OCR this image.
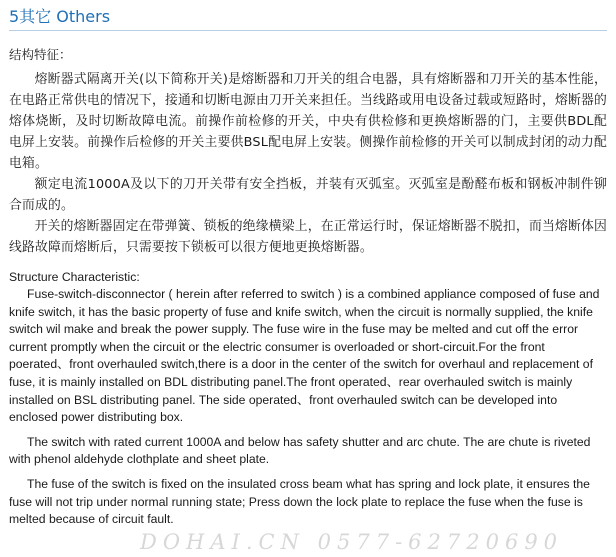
5其它 Others

结构特征：

熔断器式隔离开关(以下简称开关)是熔断器和刀开关的组合电器，具有熔断器和刀开关的基本性能，在电路正常供电的情况下，接通和切断电源由刀开关来担任。当线路或用电设备过载或短路时，熔断器的熔体烧断，及时切断故障电流。前操作前检修的开关，中央有供检修和更换熔断器的门，主要供BDL配电屏上安装。前操作后检修的开关主要供BSL配电屏上安装。侧操作前检修的开关可以制成封闭的动力配电箱。

额定电流1000A及以下的刀开关带有安全挡板，并装有灭弧室。灭弧室是酚醛布板和钢板冲制件铆合而成的。

开关的熔断器固定在带弹簧、锁板的绝缘横梁上，在正常运行时，保证熔断器不脱扣，而当熔断体因线路故障而熔断后，只需要按下锁板可以很方便地更换熔断器。

Structure Characteristic:

Fuse-switch-disconnector ( herein after referred to switch ) is a combined appliance composed of fuse and knife switch, it has the basic property of fuse and knife switch, when the circuit is normally supplied, the knife switch wil make and break the power supply. The fuse wire in the fuse may be melted and cut off the error current promptly when the circuit or the electric consumer is overloaded or short-circuit.For the front poerated、front overhauled switch,there is a door in the center of the switch for overhaul and replacement of fuse, it is mainly installed on BDL distributing panel.The front operated、rear overhauled switch is mainly installed on BSL distributing panel. The side operated、front overhauled switch can be developed into enclosed power distributing box.

The switch with rated current 1000A and below has safety shutter and arc chute. The are chute is riveted with phenol aldehyde clothplate and sheet plate.

The fuse of the switch is fixed on the insulated cross beam what has spring and lock plate, it ensures the fuse will not trip under normal running state; Press down the lock plate to replace the fuse when the fuse is melted because of circuit fault.

DOHAI.CN 0577-62720690
